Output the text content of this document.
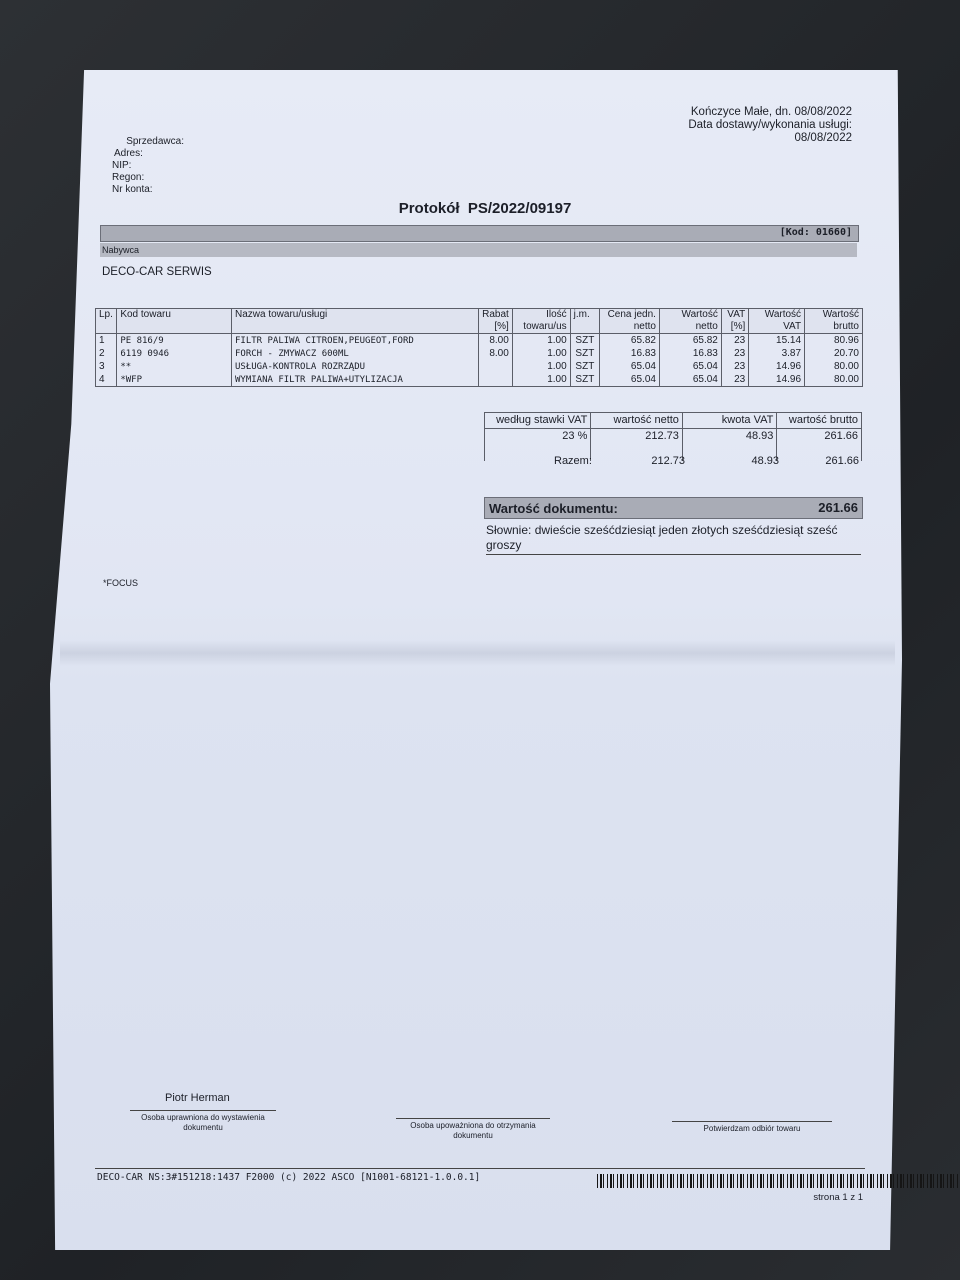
Kończyce Małe, dn. 08/08/2022
Data dostawy/wykonania usługi:
08/08/2022
Sprzedawca:
Adres:
NIP:
Regon:
Nr konta:
Protokół  PS/2022/09197
[Kod: 01660]
Nabywca
DECO-CAR SERWIS
Lp.	Kod towaru	Nazwa towaru/usługi	Rabat [%]	Ilość towaru/us	j.m.	Cena jedn. netto	Wartość netto	VAT [%]	Wartość VAT	Wartość brutto
1	PE 816/9	FILTR PALIWA CITROEN,PEUGEOT,FORD	8.00	1.00	SZT	65.82	65.82	23	15.14	80.96
2	6119 0946	FORCH - ZMYWACZ 600ML	8.00	1.00	SZT	16.83	16.83	23	3.87	20.70
3	**	USŁUGA-KONTROLA ROZRZĄDU		1.00	SZT	65.04	65.04	23	14.96	80.00
4	*WFP	WYMIANA FILTR PALIWA+UTYLIZACJA		1.00	SZT	65.04	65.04	23	14.96	80.00
według stawki VAT	wartość netto	kwota VAT	wartość brutto
23 %	212.73	48.93	261.66
Razem:	212.73	48.93	261.66
Wartość dokumentu:	261.66
Słownie: dwieście sześćdziesiąt jeden złotych sześćdziesiąt sześć groszy
*FOCUS
Piotr Herman
Osoba uprawniona do wystawienia dokumentu	Osoba upoważniona do otrzymania dokumentu
Potwierdzam odbiór towaru
DECO-CAR NS:3#151218:1437 F2000 (c) 2022 ASCO [N1001-68121-1.0.0.1]
strona 1 z 1
